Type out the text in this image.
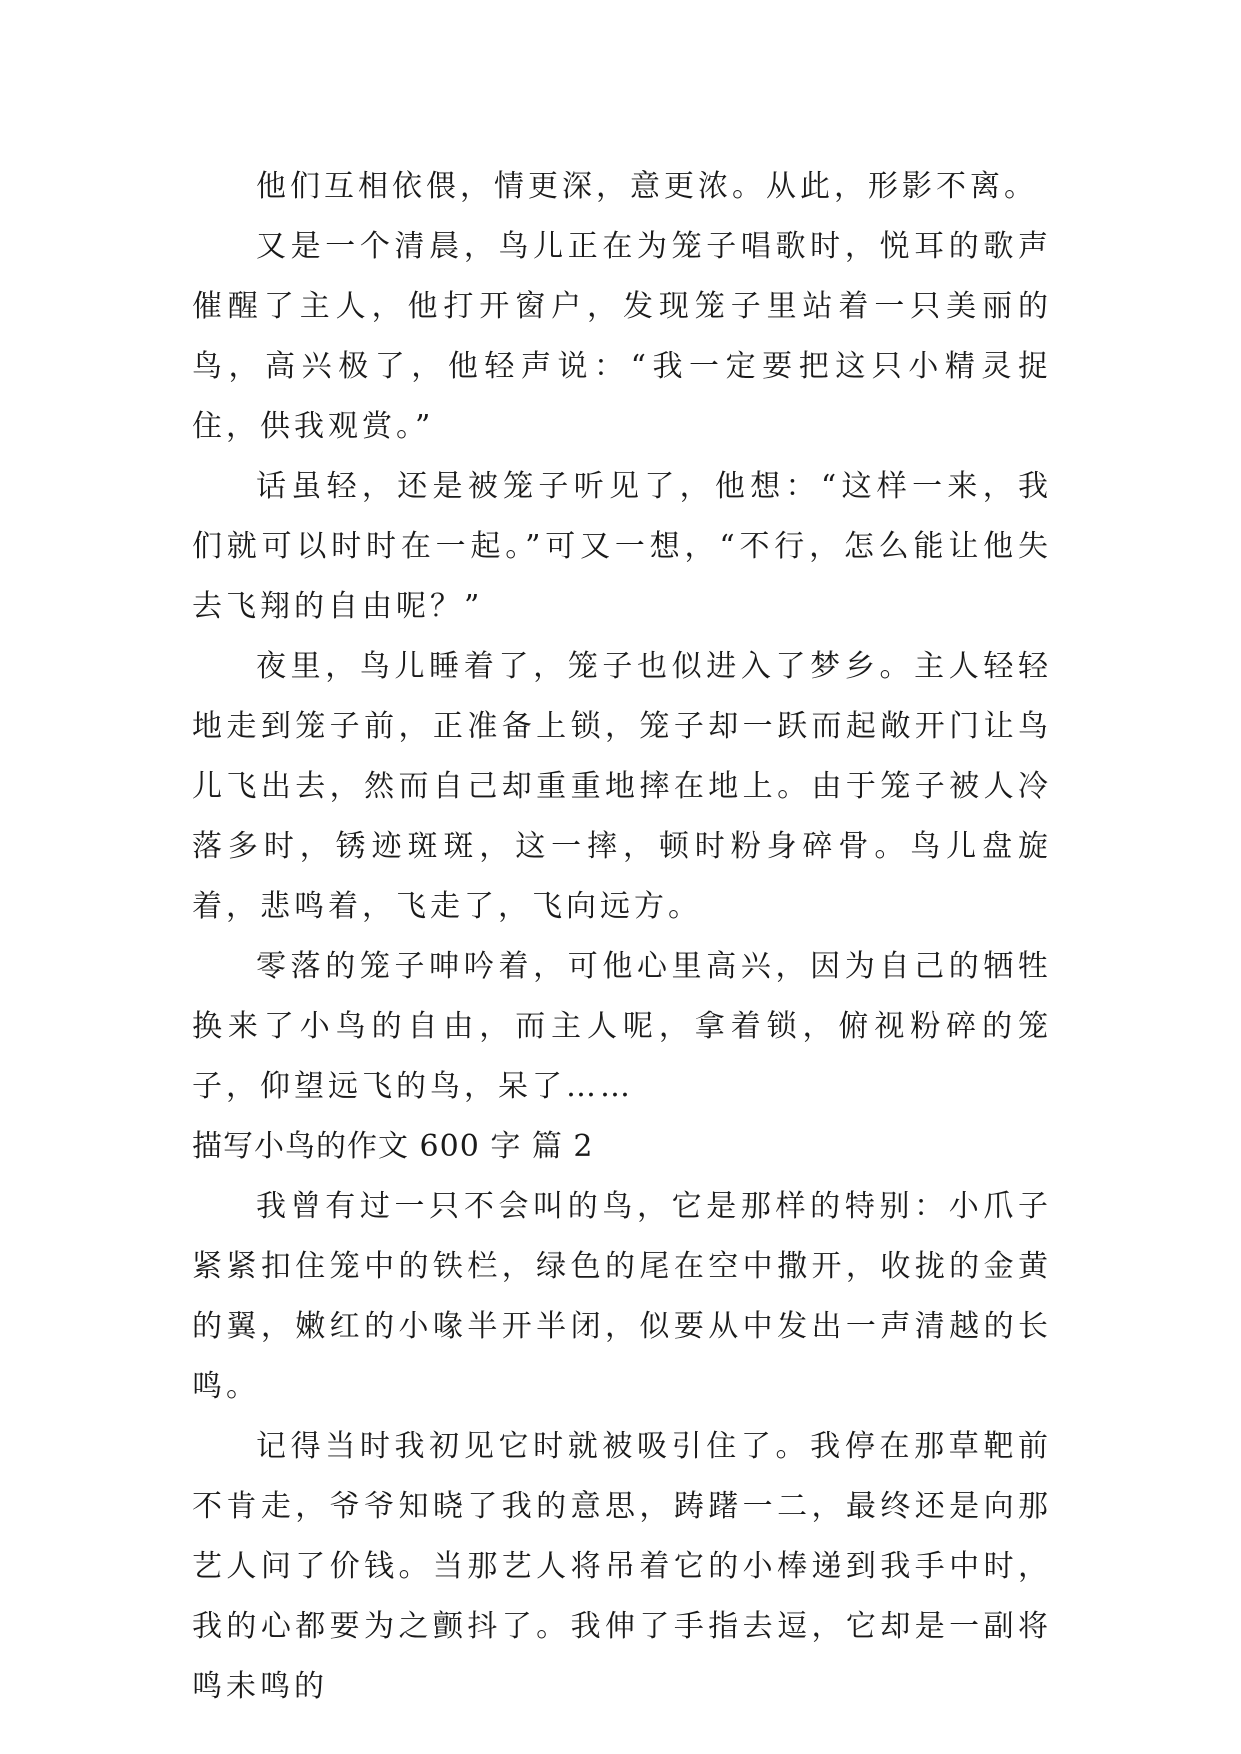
他们互相依偎，情更深，意更浓。从此，形影不离。

又是一个清晨，鸟儿正在为笼子唱歌时，悦耳的歌声催醒了主人，他打开窗户，发现笼子里站着一只美丽的鸟，高兴极了，他轻声说：“我一定要把这只小精灵捉住，供我观赏。”

话虽轻，还是被笼子听见了，他想：“这样一来，我们就可以时时在一起。”可又一想，“不行，怎么能让他失去飞翔的自由呢？”

夜里，鸟儿睡着了，笼子也似进入了梦乡。主人轻轻地走到笼子前，正准备上锁，笼子却一跃而起敞开门让鸟儿飞出去，然而自己却重重地摔在地上。由于笼子被人冷落多时，锈迹斑斑，这一摔，顿时粉身碎骨。鸟儿盘旋着，悲鸣着，飞走了，飞向远方。

零落的笼子呻吟着，可他心里高兴，因为自己的牺牲换来了小鸟的自由，而主人呢，拿着锁，俯视粉碎的笼子，仰望远飞的鸟，呆了……

描写小鸟的作文 600 字 篇 2

我曾有过一只不会叫的鸟，它是那样的特别：小爪子紧紧扣住笼中的铁栏，绿色的尾在空中撒开，收拢的金黄的翼，嫩红的小喙半开半闭，似要从中发出一声清越的长鸣。

记得当时我初见它时就被吸引住了。我停在那草靶前不肯走，爷爷知晓了我的意思，踌躇一二，最终还是向那艺人问了价钱。当那艺人将吊着它的小棒递到我手中时，我的心都要为之颤抖了。我伸了手指去逗，它却是一副将鸣未鸣的
